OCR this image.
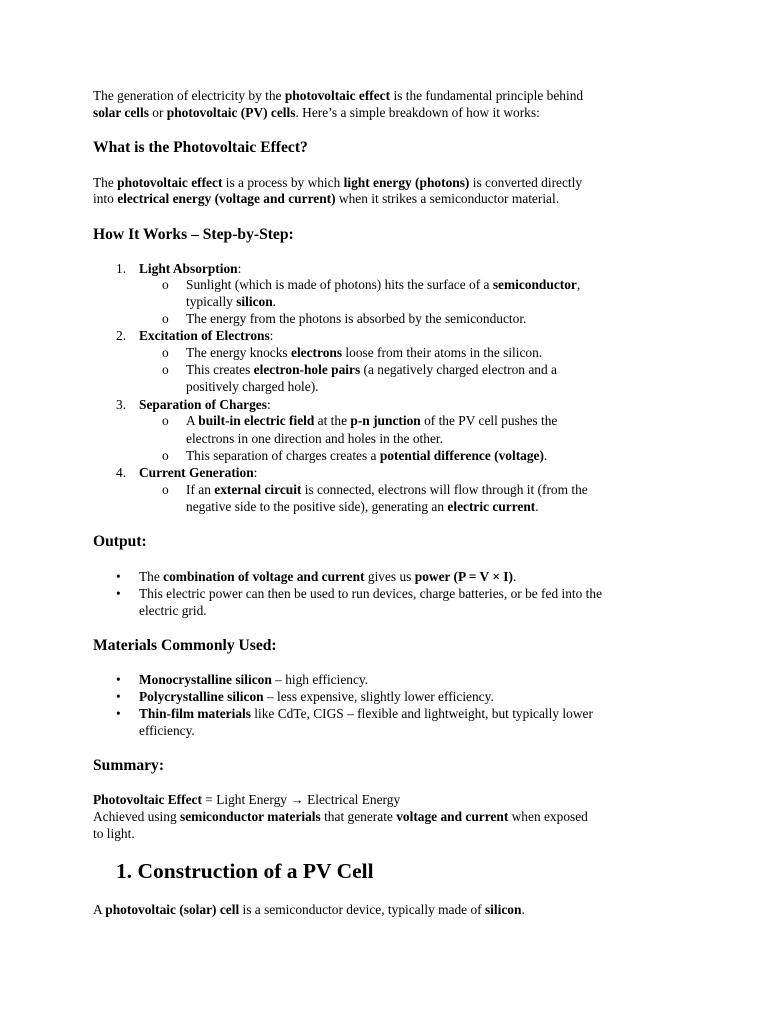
The generation of electricity by the photovoltaic effect is the fundamental principle behind
solar cells or photovoltaic (PV) cells. Here’s a simple breakdown of how it works:
What is the Photovoltaic Effect?
The photovoltaic effect is a process by which light energy (photons) is converted directly
into electrical energy (voltage and current) when it strikes a semiconductor material.
How It Works – Step-by-Step:
1. Light Absorption:
o Sunlight (which is made of photons) hits the surface of a semiconductor,
typically silicon.
o The energy from the photons is absorbed by the semiconductor.
2. Excitation of Electrons:
o The energy knocks electrons loose from their atoms in the silicon.
o This creates electron-hole pairs (a negatively charged electron and a
positively charged hole).
3. Separation of Charges:
o A built-in electric field at the p-n junction of the PV cell pushes the
electrons in one direction and holes in the other.
o This separation of charges creates a potential difference (voltage).
4. Current Generation:
o If an external circuit is connected, electrons will flow through it (from the
negative side to the positive side), generating an electric current.
Output:
• The combination of voltage and current gives us power (P = V × I).
• This electric power can then be used to run devices, charge batteries, or be fed into the
electric grid.
Materials Commonly Used:
• Monocrystalline silicon – high efficiency.
• Polycrystalline silicon – less expensive, slightly lower efficiency.
• Thin-film materials like CdTe, CIGS – flexible and lightweight, but typically lower
efficiency.
Summary:
Photovoltaic Effect = Light Energy → Electrical Energy
Achieved using semiconductor materials that generate voltage and current when exposed
to light.
1. Construction of a PV Cell
A photovoltaic (solar) cell is a semiconductor device, typically made of silicon.
